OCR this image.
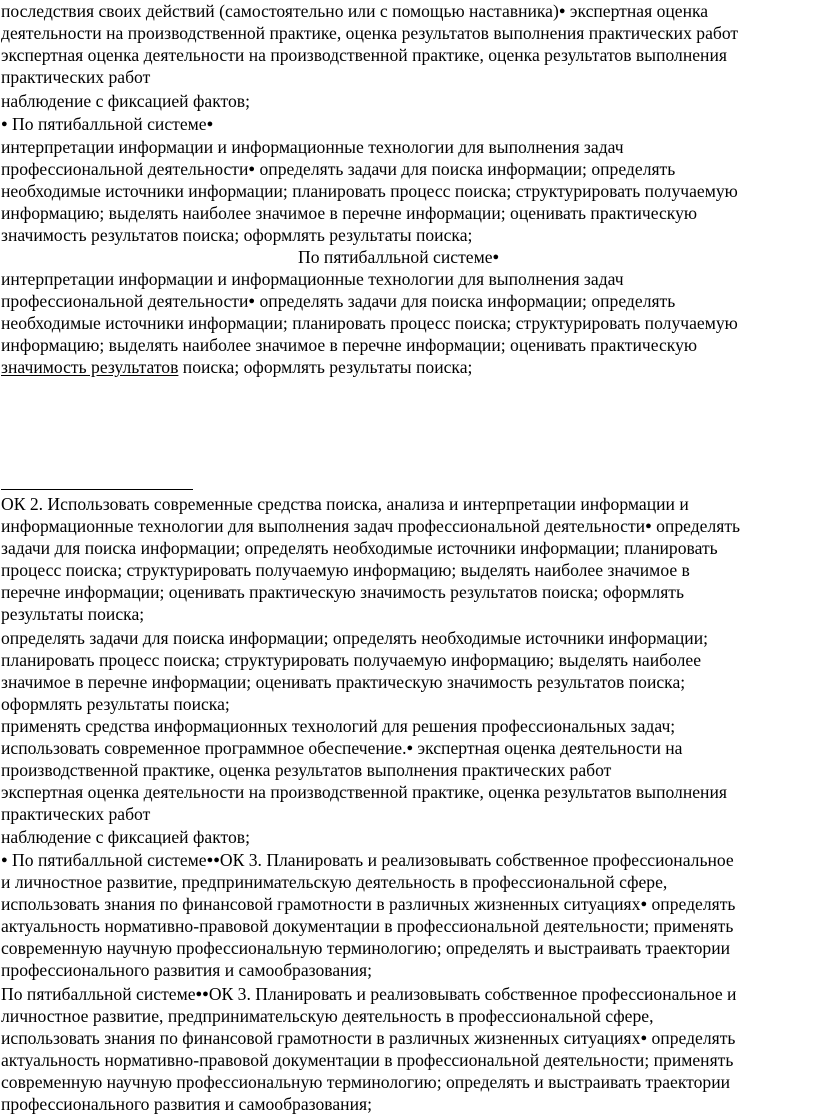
последствия своих действий (самостоятельно или с помощью наставника) ● экспертная оценка
деятельности на производственной практике, оценка результатов выполнения практических работ
экспертная оценка деятельности на производственной практике, оценка результатов выполнения
практических работ
наблюдение с фиксацией фактов;
● По пятибалльной системе●
интерпретации информации и информационные технологии для выполнения задач
профессиональной деятельности● определять задачи для поиска информации; определять
необходимые источники информации; планировать процесс поиска; структурировать получаемую
информацию; выделять наиболее значимое в перечне информации; оценивать практическую
значимость результатов поиска; оформлять результаты поиска;
По пятибалльной системе●
интерпретации информации и информационные технологии для выполнения задач
профессиональной деятельности● определять задачи для поиска информации; определять
необходимые источники информации; планировать процесс поиска; структурировать получаемую
информацию; выделять наиболее значимое в перечне информации; оценивать практическую
значимость результатов поиска; оформлять результаты поиска;
ОК 2. Использовать современные средства поиска, анализа и интерпретации информации и
информационные технологии для выполнения задач профессиональной деятельности● определять
задачи для поиска информации; определять необходимые источники информации; планировать
процесс поиска; структурировать получаемую информацию; выделять наиболее значимое в
перечне информации; оценивать практическую значимость результатов поиска; оформлять
результаты поиска;
определять задачи для поиска информации; определять необходимые источники информации;
планировать процесс поиска; структурировать получаемую информацию; выделять наиболее
значимое в перечне информации; оценивать практическую значимость результатов поиска;
оформлять результаты поиска;
применять средства информационных технологий для решения профессиональных задач;
использовать современное программное обеспечение.● экспертная оценка деятельности на
производственной практике, оценка результатов выполнения практических работ
экспертная оценка деятельности на производственной практике, оценка результатов выполнения
практических работ
наблюдение с фиксацией фактов;
● По пятибалльной системе ● ● ОК 3. Планировать и реализовывать собственное профессиональное
и личностное развитие, предпринимательскую деятельность в профессиональной сфере,
использовать знания по финансовой грамотности в различных жизненных ситуациях● определять
актуальность нормативно-правовой документации в профессиональной деятельности; применять
современную научную профессиональную терминологию; определять и выстраивать траектории
профессионального развития и самообразования;
По пятибалльной системе ● ● ОК 3. Планировать и реализовывать собственное профессиональное и
личностное развитие, предпринимательскую деятельность в профессиональной сфере,
использовать знания по финансовой грамотности в различных жизненных ситуациях● определять
актуальность нормативно-правовой документации в профессиональной деятельности; применять
современную научную профессиональную терминологию; определять и выстраивать траектории
профессионального развития и самообразования;
